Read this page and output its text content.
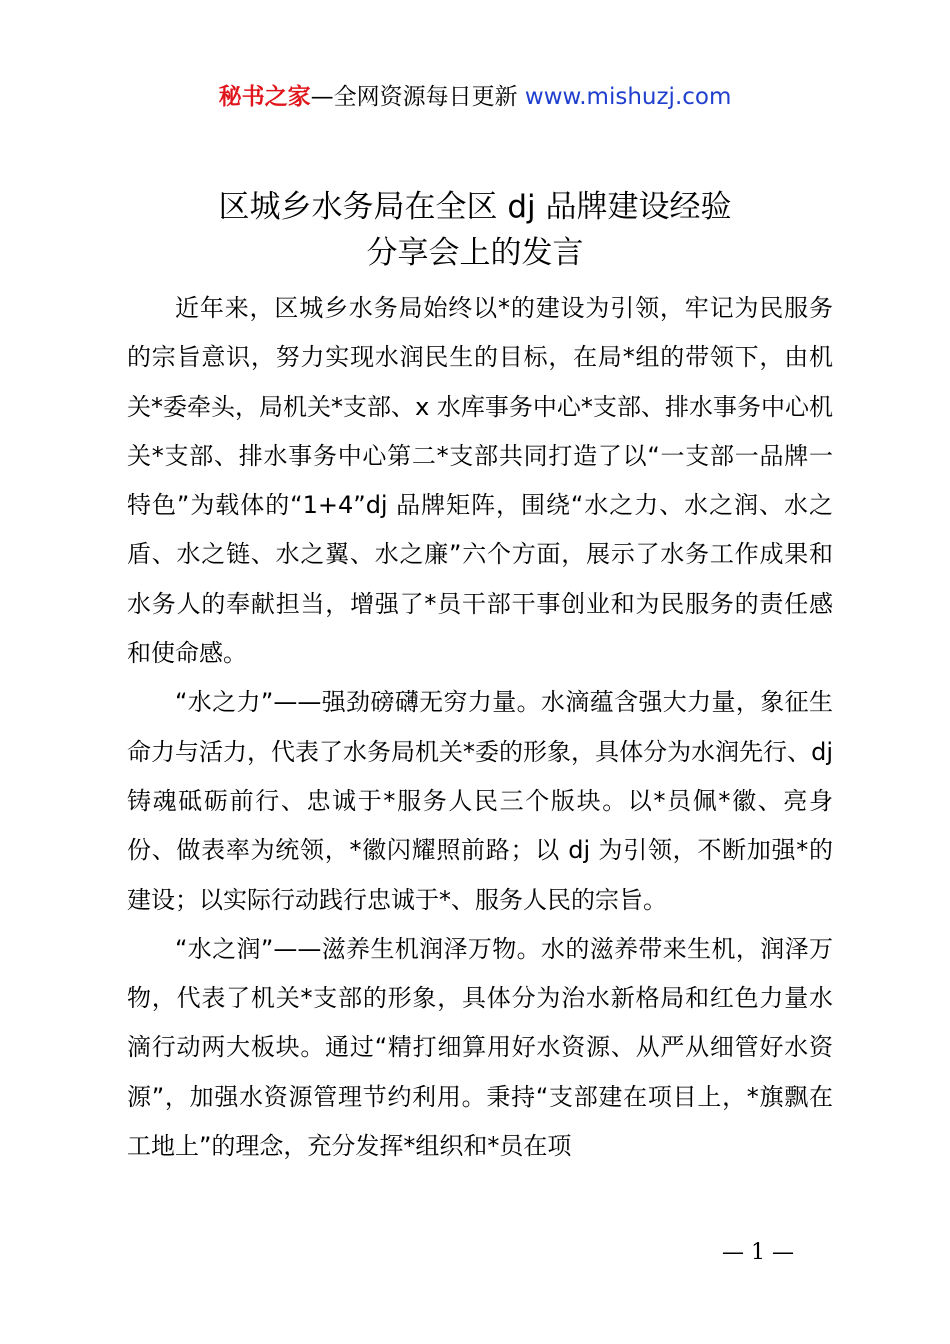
秘书之家—全网资源每日更新 www.mishuzj.com
区城乡水务局在全区 dj 品牌建设经验
分享会上的发言

近年来，区城乡水务局始终以*的建设为引领，牢记为民服务的宗旨意识，努力实现水润民生的目标，在局*组的带领下，由机关*委牵头，局机关*支部、x 水库事务中心*支部、排水事务中心机关*支部、排水事务中心第二*支部共同打造了以“一支部一品牌一特色”为载体的“1+4”dj 品牌矩阵，围绕“水之力、水之润、水之盾、水之链、水之翼、水之廉”六个方面，展示了水务工作成果和水务人的奉献担当，增强了*员干部干事创业和为民服务的责任感和使命感。

“水之力”——强劲磅礴无穷力量。水滴蕴含强大力量，象征生命力与活力，代表了水务局机关*委的形象，具体分为水润先行、dj 铸魂砥砺前行、忠诚于*服务人民三个版块。以*员佩*徽、亮身份、做表率为统领，*徽闪耀照前路；以 dj 为引领，不断加强*的建设；以实际行动践行忠诚于*、服务人民的宗旨。

“水之润”——滋养生机润泽万物。水的滋养带来生机，润泽万物，代表了机关*支部的形象，具体分为治水新格局和红色力量水滴行动两大板块。通过“精打细算用好水资源、从严从细管好水资源”，加强水资源管理节约利用。秉持“支部建在项目上，*旗飘在工地上”的理念，充分发挥*组织和*员在项

— 1 —
